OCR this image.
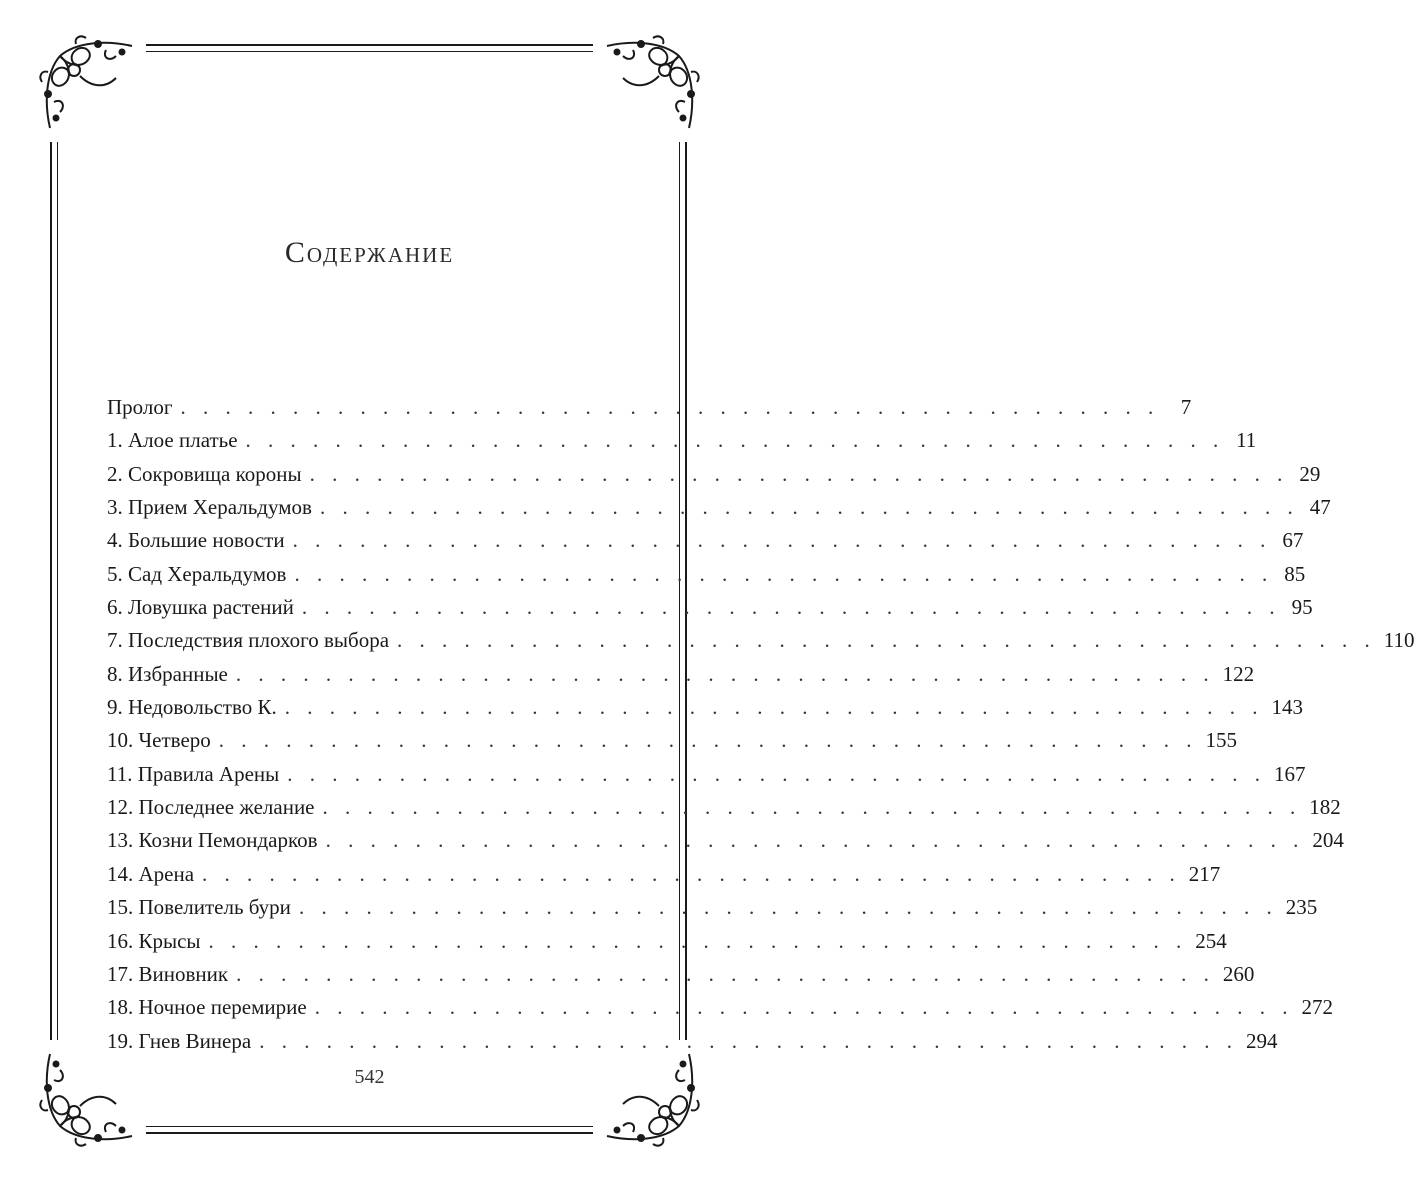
Содержание
Пролог . . . . . . . . . . . . . . . . . . . . . . . . . . . . . . . . . . . . . . . . . . . .	7
1. Алое платье . . . . . . . . . . . . . . . . . . . . . . . . . . . . . . . . . . . . . . . . . . . . 11
2. Сокровища короны . . . . . . . . . . . . . . . . . . . . . . . . . . . . . . . . . . . . . . . . . . . . 29
3. Прием Херальдумов . . . . . . . . . . . . . . . . . . . . . . . . . . . . . . . . . . . . . . . . . . . . 47
4. Большие новости . . . . . . . . . . . . . . . . . . . . . . . . . . . . . . . . . . . . . . . . . . . . 67
5. Сад Херальдумов . . . . . . . . . . . . . . . . . . . . . . . . . . . . . . . . . . . . . . . . . . . . 85
6. Ловушка растений . . . . . . . . . . . . . . . . . . . . . . . . . . . . . . . . . . . . . . . . . . . . 95
7. Последствия плохого выбора . . . . . . . . . . . . . . . . . . . . . . . . . . . . . . . . . . . . . . . . . . . . 110
8. Избранные . . . . . . . . . . . . . . . . . . . . . . . . . . . . . . . . . . . . . . . . . . . . 122
9. Недовольство К. . . . . . . . . . . . . . . . . . . . . . . . . . . . . . . . . . . . . . . . . . . . . 143
10. Четверо . . . . . . . . . . . . . . . . . . . . . . . . . . . . . . . . . . . . . . . . . . . . 155
11. Правила Арены . . . . . . . . . . . . . . . . . . . . . . . . . . . . . . . . . . . . . . . . . . . . 167
12. Последнее желание . . . . . . . . . . . . . . . . . . . . . . . . . . . . . . . . . . . . . . . . . . . . 182
13. Козни Пемондарков . . . . . . . . . . . . . . . . . . . . . . . . . . . . . . . . . . . . . . . . . . . . 204
14. Арена . . . . . . . . . . . . . . . . . . . . . . . . . . . . . . . . . . . . . . . . . . . . 217
15. Повелитель бури . . . . . . . . . . . . . . . . . . . . . . . . . . . . . . . . . . . . . . . . . . . . 235
16. Крысы . . . . . . . . . . . . . . . . . . . . . . . . . . . . . . . . . . . . . . . . . . . . 254
17. Виновник . . . . . . . . . . . . . . . . . . . . . . . . . . . . . . . . . . . . . . . . . . . . 260
18. Ночное перемирие . . . . . . . . . . . . . . . . . . . . . . . . . . . . . . . . . . . . . . . . . . . . 272
19. Гнев Винера . . . . . . . . . . . . . . . . . . . . . . . . . . . . . . . . . . . . . . . . . . . . 294
542
